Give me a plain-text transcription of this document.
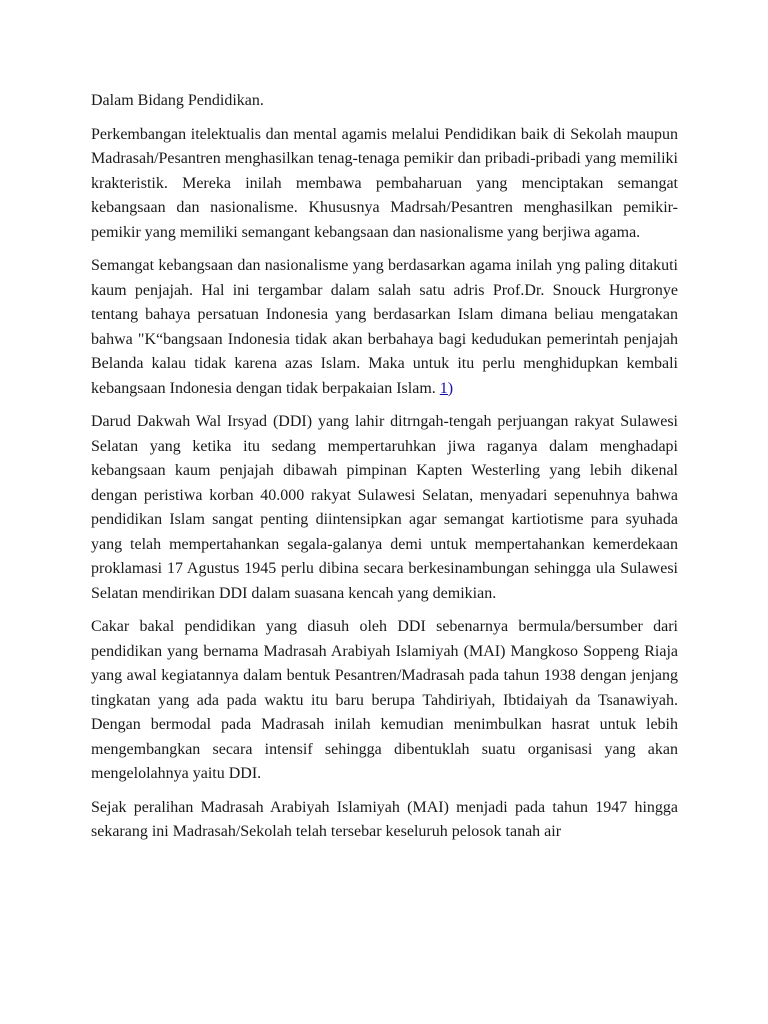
Dalam Bidang Pendidikan.

Perkembangan itelektualis dan mental agamis melalui Pendidikan baik di Sekolah maupun Madrasah/Pesantren menghasilkan tenag-tenaga pemikir dan pribadi-pribadi yang memiliki krakteristik. Mereka inilah membawa pembaharuan yang menciptakan semangat kebangsaan dan nasionalisme. Khususnya Madrsah/Pesantren menghasilkan pemikir-pemikir yang memiliki semangant kebangsaan dan nasionalisme yang berjiwa agama.

Semangat kebangsaan dan nasionalisme yang berdasarkan agama inilah yng paling ditakuti kaum penjajah. Hal ini tergambar dalam salah satu adris Prof.Dr. Snouck Hurgronye tentang bahaya persatuan Indonesia yang berdasarkan Islam dimana beliau mengatakan bahwa "K“bangsaan Indonesia tidak akan berbahaya bagi kedudukan pemerintah penjajah Belanda kalau tidak karena azas Islam. Maka untuk itu perlu menghidupkan kembali kebangsaan Indonesia dengan tidak berpakaian Islam. 1)

Darud Dakwah Wal Irsyad (DDI) yang lahir ditrngah-tengah perjuangan rakyat Sulawesi Selatan yang ketika itu sedang mempertaruhkan jiwa raganya dalam menghadapi kebangsaan kaum penjajah dibawah pimpinan Kapten Westerling yang lebih dikenal dengan peristiwa korban 40.000 rakyat Sulawesi Selatan, menyadari sepenuhnya bahwa pendidikan Islam sangat penting diintensipkan agar semangat kartiotisme para syuhada yang telah mempertahankan segala-galanya demi untuk mempertahankan kemerdekaan proklamasi 17 Agustus 1945 perlu dibina secara berkesinambungan sehingga ula Sulawesi Selatan mendirikan DDI dalam suasana kencah yang demikian.

Cakar bakal pendidikan yang diasuh oleh DDI sebenarnya bermula/bersumber dari pendidikan yang bernama Madrasah Arabiyah Islamiyah (MAI) Mangkoso Soppeng Riaja yang awal kegiatannya dalam bentuk Pesantren/Madrasah pada tahun 1938 dengan jenjang tingkatan yang ada pada waktu itu baru berupa Tahdiriyah, Ibtidaiyah da Tsanawiyah. Dengan bermodal pada Madrasah inilah kemudian menimbulkan hasrat untuk lebih mengembangkan secara intensif sehingga dibentuklah suatu organisasi yang akan mengelolahnya yaitu DDI.

Sejak peralihan Madrasah Arabiyah Islamiyah (MAI) menjadi pada tahun 1947 hingga sekarang ini Madrasah/Sekolah telah tersebar keseluruh pelosok tanah air
